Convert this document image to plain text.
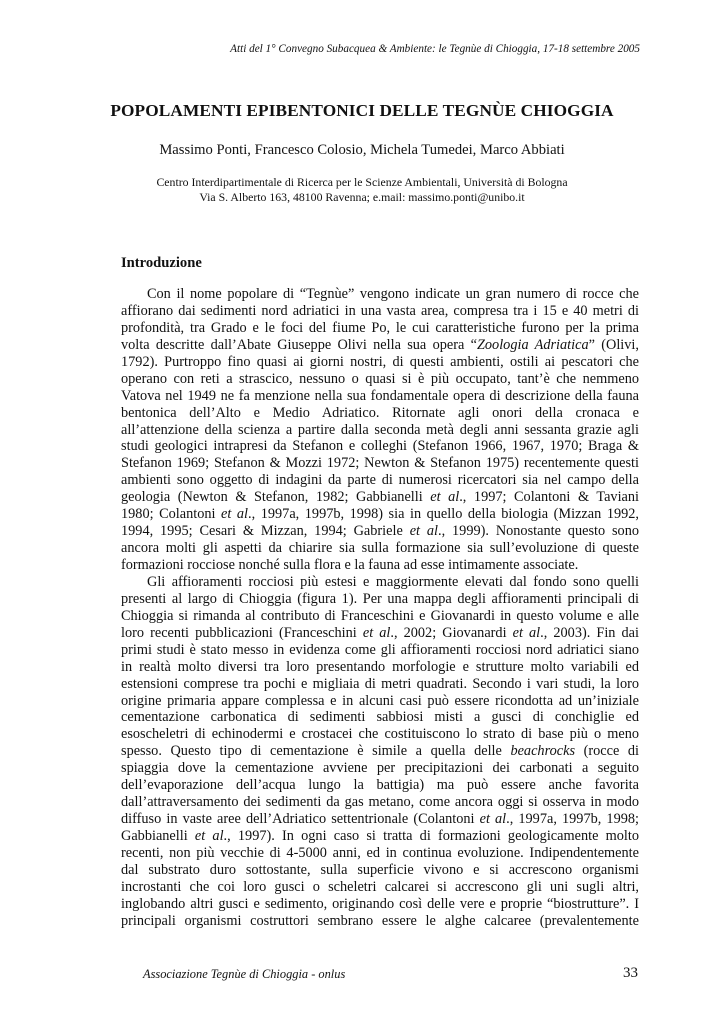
Atti del 1° Convegno Subacquea & Ambiente: le Tegnùe di Chioggia, 17-18 settembre 2005
POPOLAMENTI EPIBENTONICI DELLE TEGNÙE CHIOGGIA
Massimo Ponti, Francesco Colosio, Michela Tumedei, Marco Abbiati
Centro Interdipartimentale di Ricerca per le Scienze Ambientali, Università di Bologna
Via S. Alberto 163, 48100 Ravenna; e.mail: massimo.ponti@unibo.it
Introduzione
Con il nome popolare di “Tegnùe” vengono indicate un gran numero di rocce che
affiorano dai sedimenti nord adriatici in una vasta area, compresa tra i 15 e 40 metri di
profondità, tra Grado e le foci del fiume Po, le cui caratteristiche furono per la prima
volta descritte dall’Abate Giuseppe Olivi nella sua opera “Zoologia Adriatica” (Olivi,
1792). Purtroppo fino quasi ai giorni nostri, di questi ambienti, ostili ai pescatori che
operano con reti a strascico, nessuno o quasi si è più occupato, tant’è che nemmeno
Vatova nel 1949 ne fa menzione nella sua fondamentale opera di descrizione della fauna
bentonica dell’Alto e Medio Adriatico. Ritornate agli onori della cronaca e
all’attenzione della scienza a partire dalla seconda metà degli anni sessanta grazie agli
studi geologici intrapresi da Stefanon e colleghi (Stefanon 1966, 1967, 1970; Braga &
Stefanon 1969; Stefanon & Mozzi 1972; Newton & Stefanon 1975) recentemente questi
ambienti sono oggetto di indagini da parte di numerosi ricercatori sia nel campo della
geologia (Newton & Stefanon, 1982; Gabbianelli et al., 1997; Colantoni & Taviani
1980; Colantoni et al., 1997a, 1997b, 1998) sia in quello della biologia (Mizzan 1992,
1994, 1995; Cesari & Mizzan, 1994; Gabriele et al., 1999). Nonostante questo sono
ancora molti gli aspetti da chiarire sia sulla formazione sia sull’evoluzione di queste
formazioni rocciose nonché sulla flora e la fauna ad esse intimamente associate.
Gli affioramenti rocciosi più estesi e maggiormente elevati dal fondo sono quelli
presenti al largo di Chioggia (figura 1). Per una mappa degli affioramenti principali di
Chioggia si rimanda al contributo di Franceschini e Giovanardi in questo volume e alle
loro recenti pubblicazioni (Franceschini et al., 2002; Giovanardi et al., 2003). Fin dai
primi studi è stato messo in evidenza come gli affioramenti rocciosi nord adriatici siano
in realtà molto diversi tra loro presentando morfologie e strutture molto variabili ed
estensioni comprese tra pochi e migliaia di metri quadrati. Secondo i vari studi, la loro
origine primaria appare complessa e in alcuni casi può essere ricondotta ad un’iniziale
cementazione carbonatica di sedimenti sabbiosi misti a gusci di conchiglie ed
esoscheletri di echinodermi e crostacei che costituiscono lo strato di base più o meno
spesso. Questo tipo di cementazione è simile a quella delle beachrocks (rocce di
spiaggia dove la cementazione avviene per precipitazioni dei carbonati a seguito
dell’evaporazione dell’acqua lungo la battigia) ma può essere anche favorita
dall’attraversamento dei sedimenti da gas metano, come ancora oggi si osserva in modo
diffuso in vaste aree dell’Adriatico settentrionale (Colantoni et al., 1997a, 1997b, 1998;
Gabbianelli et al., 1997). In ogni caso si tratta di formazioni geologicamente molto
recenti, non più vecchie di 4-5000 anni, ed in continua evoluzione. Indipendentemente
dal substrato duro sottostante, sulla superficie vivono e si accrescono organismi
incrostanti che coi loro gusci o scheletri calcarei si accrescono gli uni sugli altri,
inglobando altri gusci e sedimento, originando così delle vere e proprie “biostrutture”. I
principali organismi costruttori sembrano essere le alghe calcaree (prevalentemente
Associazione Tegnùe di Chioggia - onlus	33
